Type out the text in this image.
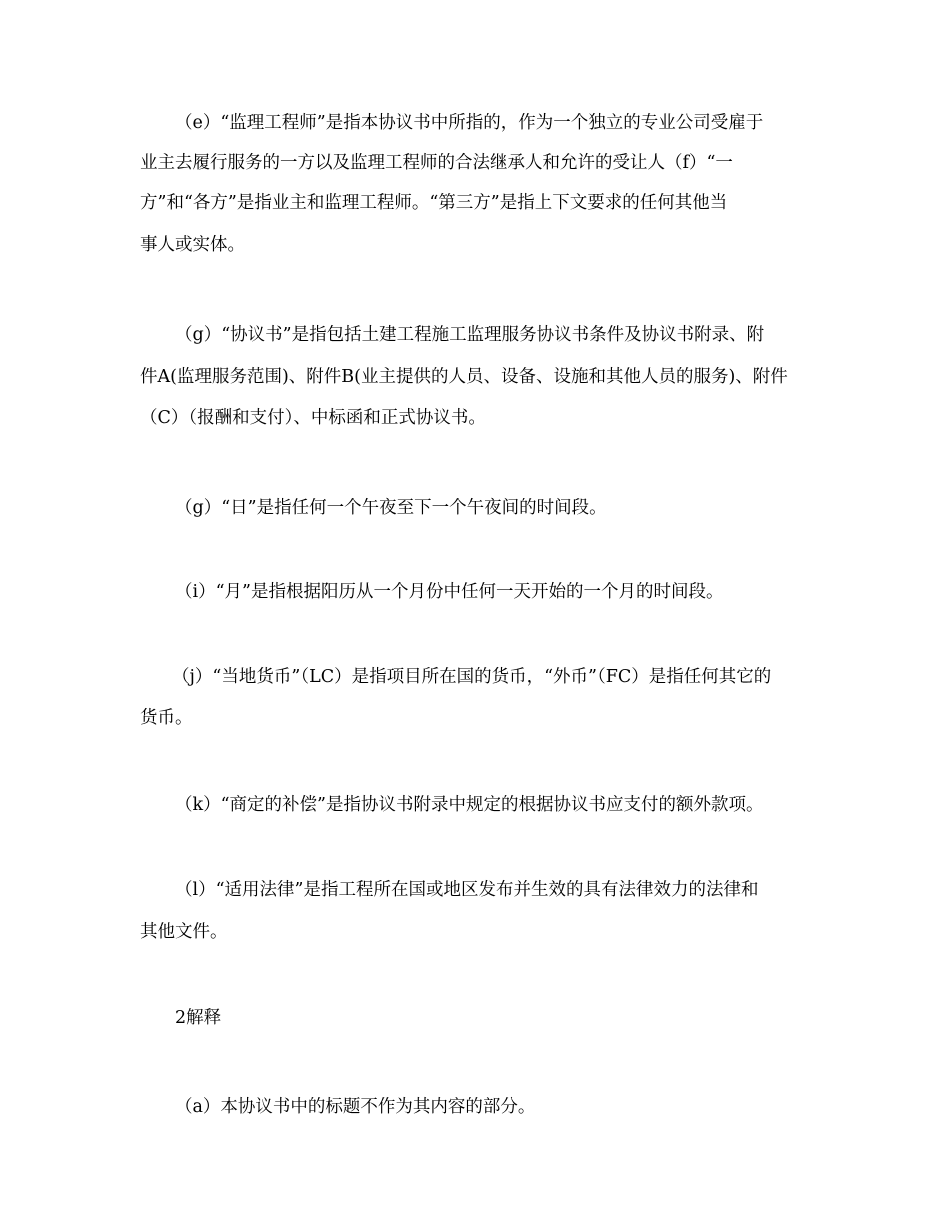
（e）“监理工程师”是指本协议书中所指的，作为一个独立的专业公司受雇于
业主去履行服务的一方以及监理工程师的合法继承人和允许的受让人（f）“一
方”和“各方”是指业主和监理工程师。“第三方”是指上下文要求的任何其他当
事人或实体。
（g）“协议书”是指包括土建工程施工监理服务协议书条件及协议书附录、附
件A(监理服务范围)、附件B(业主提供的人员、设备、设施和其他人员的服务)、附件
（C）（报酬和支付）、中标函和正式协议书。
（g）“日”是指任何一个午夜至下一个午夜间的时间段。
（i）“月”是指根据阳历从一个月份中任何一天开始的一个月的时间段。
（j）“当地货币”（LC）是指项目所在国的货币，“外币”（FC）是指任何其它的
货币。
（k）“商定的补偿”是指协议书附录中规定的根据协议书应支付的额外款项。
（l）“适用法律”是指工程所在国或地区发布并生效的具有法律效力的法律和
其他文件。
2解释
（a）本协议书中的标题不作为其内容的部分。
